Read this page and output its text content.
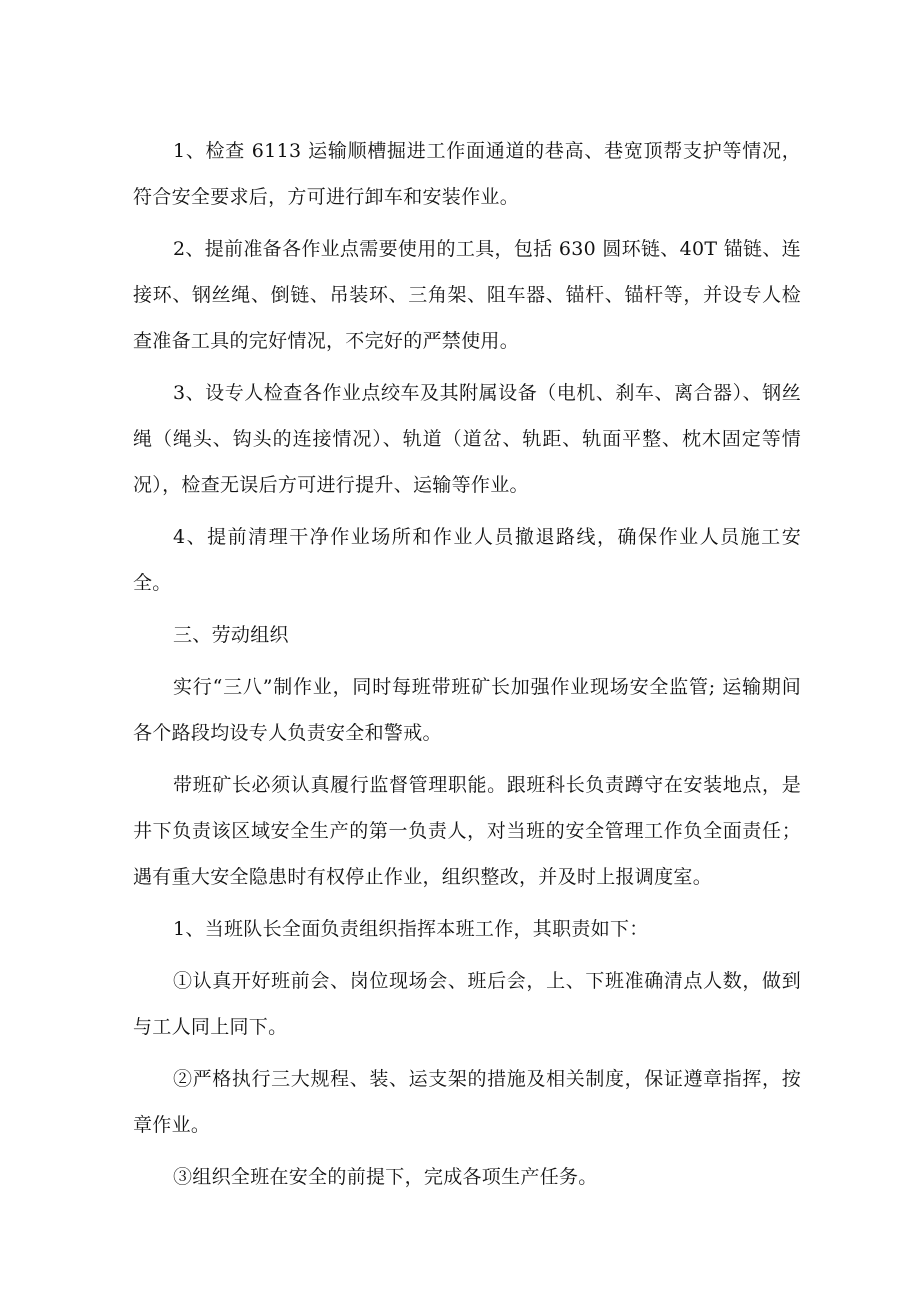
1、检查 6113 运输顺槽掘进工作面通道的巷高、巷宽顶帮支护等情况，符合安全要求后，方可进行卸车和安装作业。

2、提前准备各作业点需要使用的工具，包括 630 圆环链、40T 锚链、连接环、钢丝绳、倒链、吊装环、三角架、阻车器、锚杆、锚杆等，并设专人检查准备工具的完好情况，不完好的严禁使用。

3、设专人检查各作业点绞车及其附属设备（电机、刹车、离合器）、钢丝绳（绳头、钩头的连接情况）、轨道（道岔、轨距、轨面平整、枕木固定等情况），检查无误后方可进行提升、运输等作业。

4、提前清理干净作业场所和作业人员撤退路线，确保作业人员施工安全。

三、劳动组织

实行“三八”制作业，同时每班带班矿长加强作业现场安全监管; 运输期间各个路段均设专人负责安全和警戒。

带班矿长必须认真履行监督管理职能。跟班科长负责蹲守在安装地点，是井下负责该区域安全生产的第一负责人，对当班的安全管理工作负全面责任；遇有重大安全隐患时有权停止作业，组织整改，并及时上报调度室。

1、当班队长全面负责组织指挥本班工作，其职责如下：

①认真开好班前会、岗位现场会、班后会，上、下班准确清点人数，做到与工人同上同下。

②严格执行三大规程、装、运支架的措施及相关制度，保证遵章指挥，按章作业。

③组织全班在安全的前提下，完成各项生产任务。
